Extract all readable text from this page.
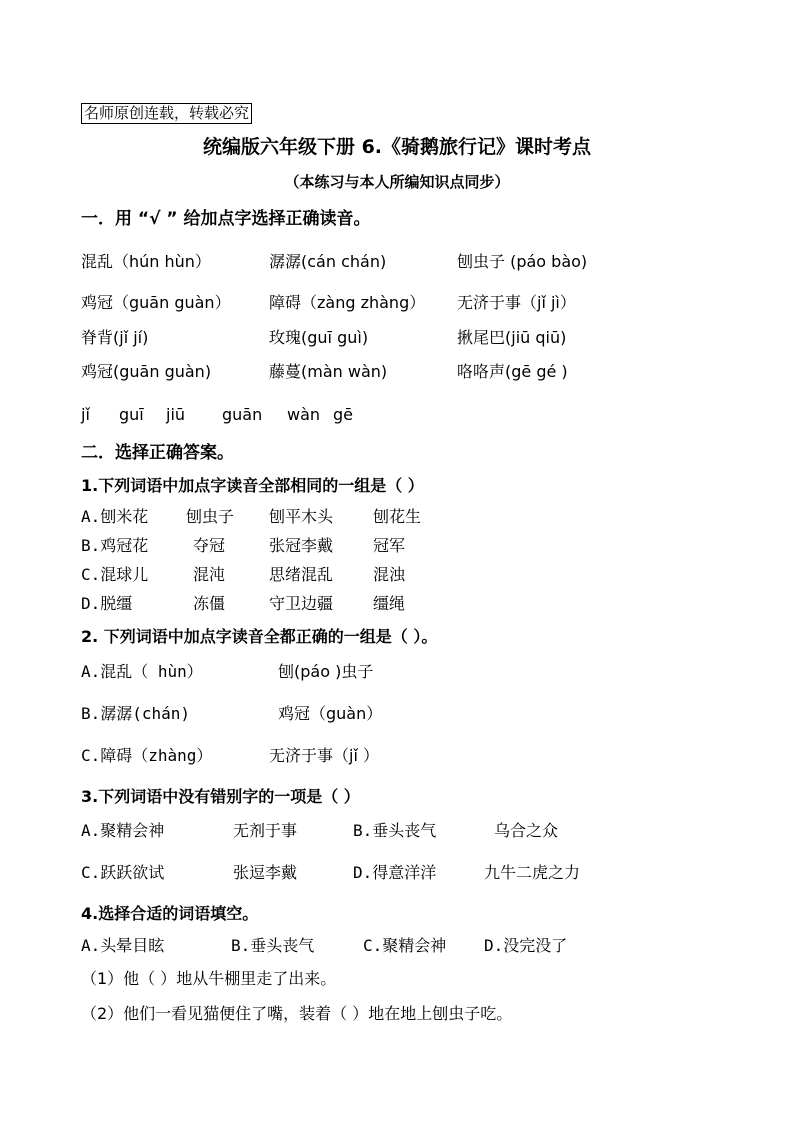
名师原创连载，转载必究
统编版六年级下册 6.《骑鹅旅行记》课时考点
（本练习与本人所编知识点同步）
一．用 “√ ” 给加点字选择正确读音。
混乱（hún hùn）	潺潺(cán chán)	刨虫子 (páo bào)
鸡冠（guān guàn） 障碍（zàng zhàng） 无济于事（jǐ jì）
脊背(jǐ jí)	玫瑰(guī guì)	揪尾巴(jiū qiū)
鸡冠(guān guàn)	藤蔓(màn wàn)	咯咯声(gē gé )
jǐ guī jiū guān wàn gē
二．选择正确答案。
1.下列词语中加点字读音全部相同的一组是（ ）
A.刨米花 刨虫子 刨平木头 刨花生
B.鸡冠花	夺冠	张冠李戴 冠军
C.混球儿	混沌	思绪混乱 混浊
D.脱缰	冻僵	守卫边疆 缰绳
2. 下列词语中加点字读音全都正确的一组是（ ）。
A.混乱（ hùn）	刨(páo )虫子
B.潺潺(chán)	鸡冠（guàn）
C.障碍（zhàng）	无济于事（jǐ ）
3.下列词语中没有错别字的一项是（ ）
A.聚精会神	无剂于事	B.垂头丧气	乌合之众
C.跃跃欲试	张逗李戴	D.得意洋洋	九牛二虎之力
4.选择合适的词语填空。
A.头晕目眩	B.垂头丧气	C.聚精会神 D.没完没了
（1）他（ ）地从牛棚里走了出来。
（2）他们一看见猫便住了嘴，装着（ ）地在地上刨虫子吃。
